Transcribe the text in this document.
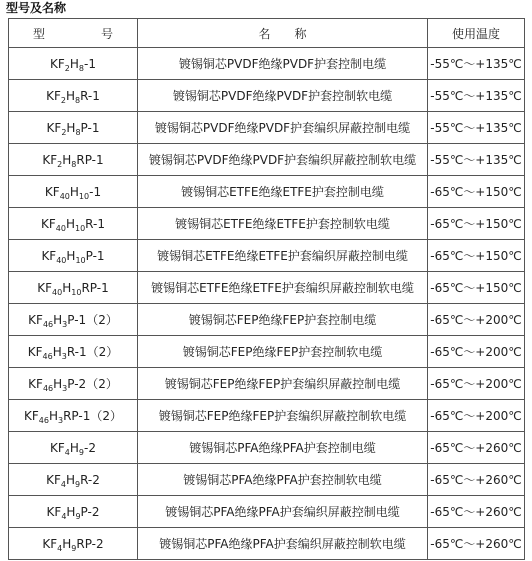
型号及名称
型　　号	名　　称	使用温度
$KF_2H_8-1$	镀锡铜芯PVDF绝缘PVDF护套控制电缆	-55℃～+135℃
$KF_2H_8R-1$	镀锡铜芯PVDF绝缘PVDF护套控制软电缆	-55℃～+135℃
$KF_2H_8P-1$	镀锡铜芯PVDF绝缘PVDF护套编织屏蔽控制电缆	-55℃～+135℃
$KF_2H_8RP-1$	镀锡铜芯PVDF绝缘PVDF护套编织屏蔽控制软电缆	-55℃～+135℃
$KF_{40}H_{10}-1$	镀锡铜芯ETFE绝缘ETFE护套控制电缆	-65℃～+150℃
$KF_{40}H_{10}R-1$	镀锡铜芯ETFE绝缘ETFE护套控制软电缆	-65℃～+150℃
$KF_{40}H_{10}P-1$	镀锡铜芯ETFE绝缘ETFE护套编织屏蔽控制电缆	-65℃～+150℃
$KF_{40}H_{10}RP-1$	镀锡铜芯ETFE绝缘ETFE护套编织屏蔽控制软电缆	-65℃～+150℃
$KF_{46}H_3P-1(2)$	镀锡铜芯FEP绝缘FEP护套控制电缆	-65℃～+200℃
$KF_{46}H_3R-1(2)$	镀锡铜芯FEP绝缘FEP护套控制软电缆	-65℃～+200℃
$KF_{46}H_3P-2(2)$	镀锡铜芯FEP绝缘FEP护套编织屏蔽控制电缆	-65℃～+200℃
$KF_{46}H_3RP-1(2)$	镀锡铜芯FEP绝缘FEP护套编织屏蔽控制软电缆	-65℃～+200℃
$KF_4H_9-2$	镀锡铜芯PFA绝缘PFA护套控制电缆	-65℃～+260℃
$KF_4H_9R-2$	镀锡铜芯PFA绝缘PFA护套控制软电缆	-65℃～+260℃
$KF_4H_9P-2$	镀锡铜芯PFA绝缘PFA护套编织屏蔽控制电缆	-65℃～+260℃
$KF_4H_9RP-2$	镀锡铜芯PFA绝缘PFA护套编织屏蔽控制软电缆	-65℃～+260℃
